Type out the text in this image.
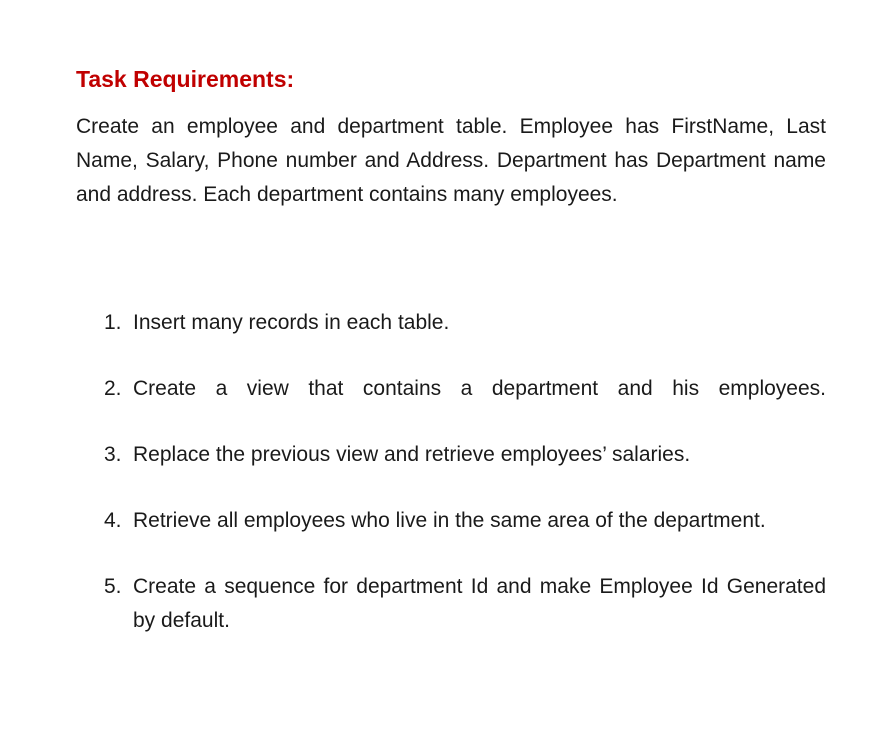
Task Requirements:

Create an employee and department table. Employee has FirstName, Last Name, Salary, Phone number and Address. Department has Department name and address. Each department contains many employees.

1. Insert many records in each table.
2. Create a view that contains a department and his employees.
3. Replace the previous view and retrieve employees’ salaries.
4. Retrieve all employees who live in the same area of the department.
5. Create a sequence for department Id and make Employee Id Generated by default.
